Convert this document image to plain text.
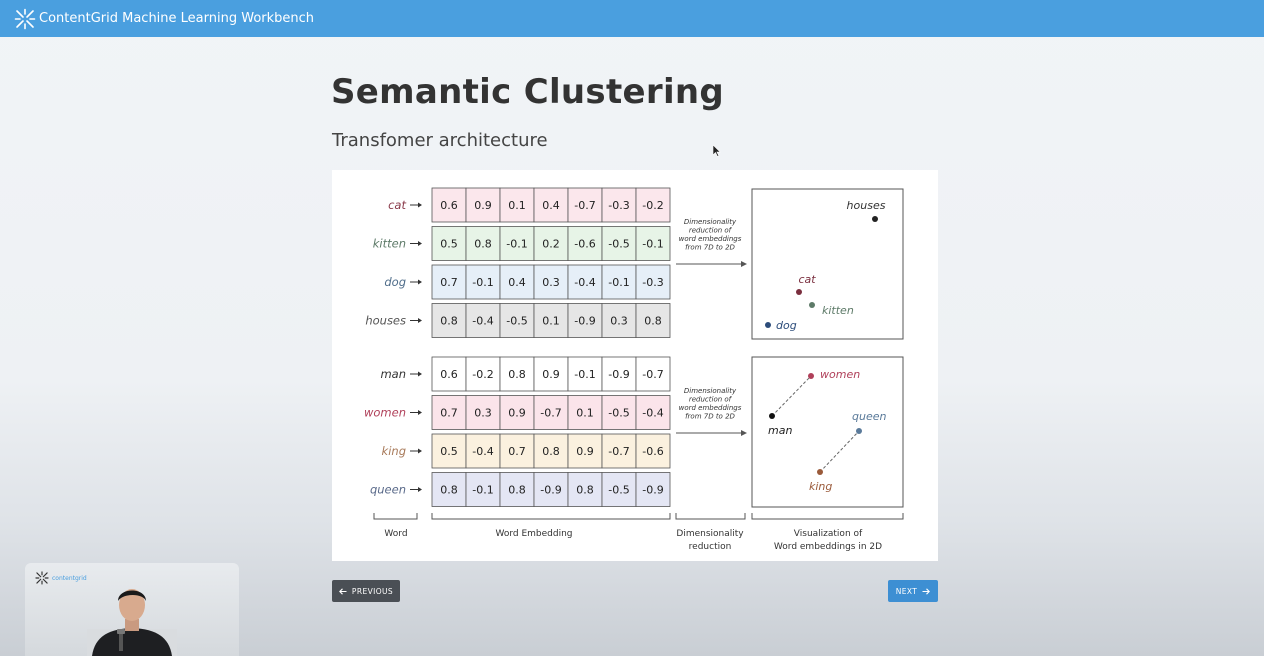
ContentGrid Machine Learning Workbench
Semantic Clustering
Transfomer architecture
cat	0.6 0.9 0.1 0.4 -0.7 -0.3 -0.2
kitten	0.5 0.8 -0.1 0.2 -0.6 -0.5 -0.1
dog	0.7 -0.1 0.4 0.3 -0.4 -0.1 -0.3
houses	0.8 -0.4 -0.5 0.1 -0.9 0.3 0.8
man	0.6 -0.2 0.8 0.9 -0.1 -0.9 -0.7
women	0.7 0.3 0.9 -0.7 0.1 -0.5 -0.4
king	0.5 -0.4 0.7 0.8 0.9 -0.7 -0.6
queen	0.8 -0.1 0.8 -0.9 0.8 -0.5 -0.9
Dimensionality
reduction of
word embeddings
from 7D to 2D
Dimensionality
reduction of
word embeddings
from 7D to 2D
houses
cat
kitten
dog
women
man
queen
king
Word	Word Embedding	Dimensionality
reduction
Visualization of
Word embeddings in 2D
PREVIOUS	NEXT
contentgrid
